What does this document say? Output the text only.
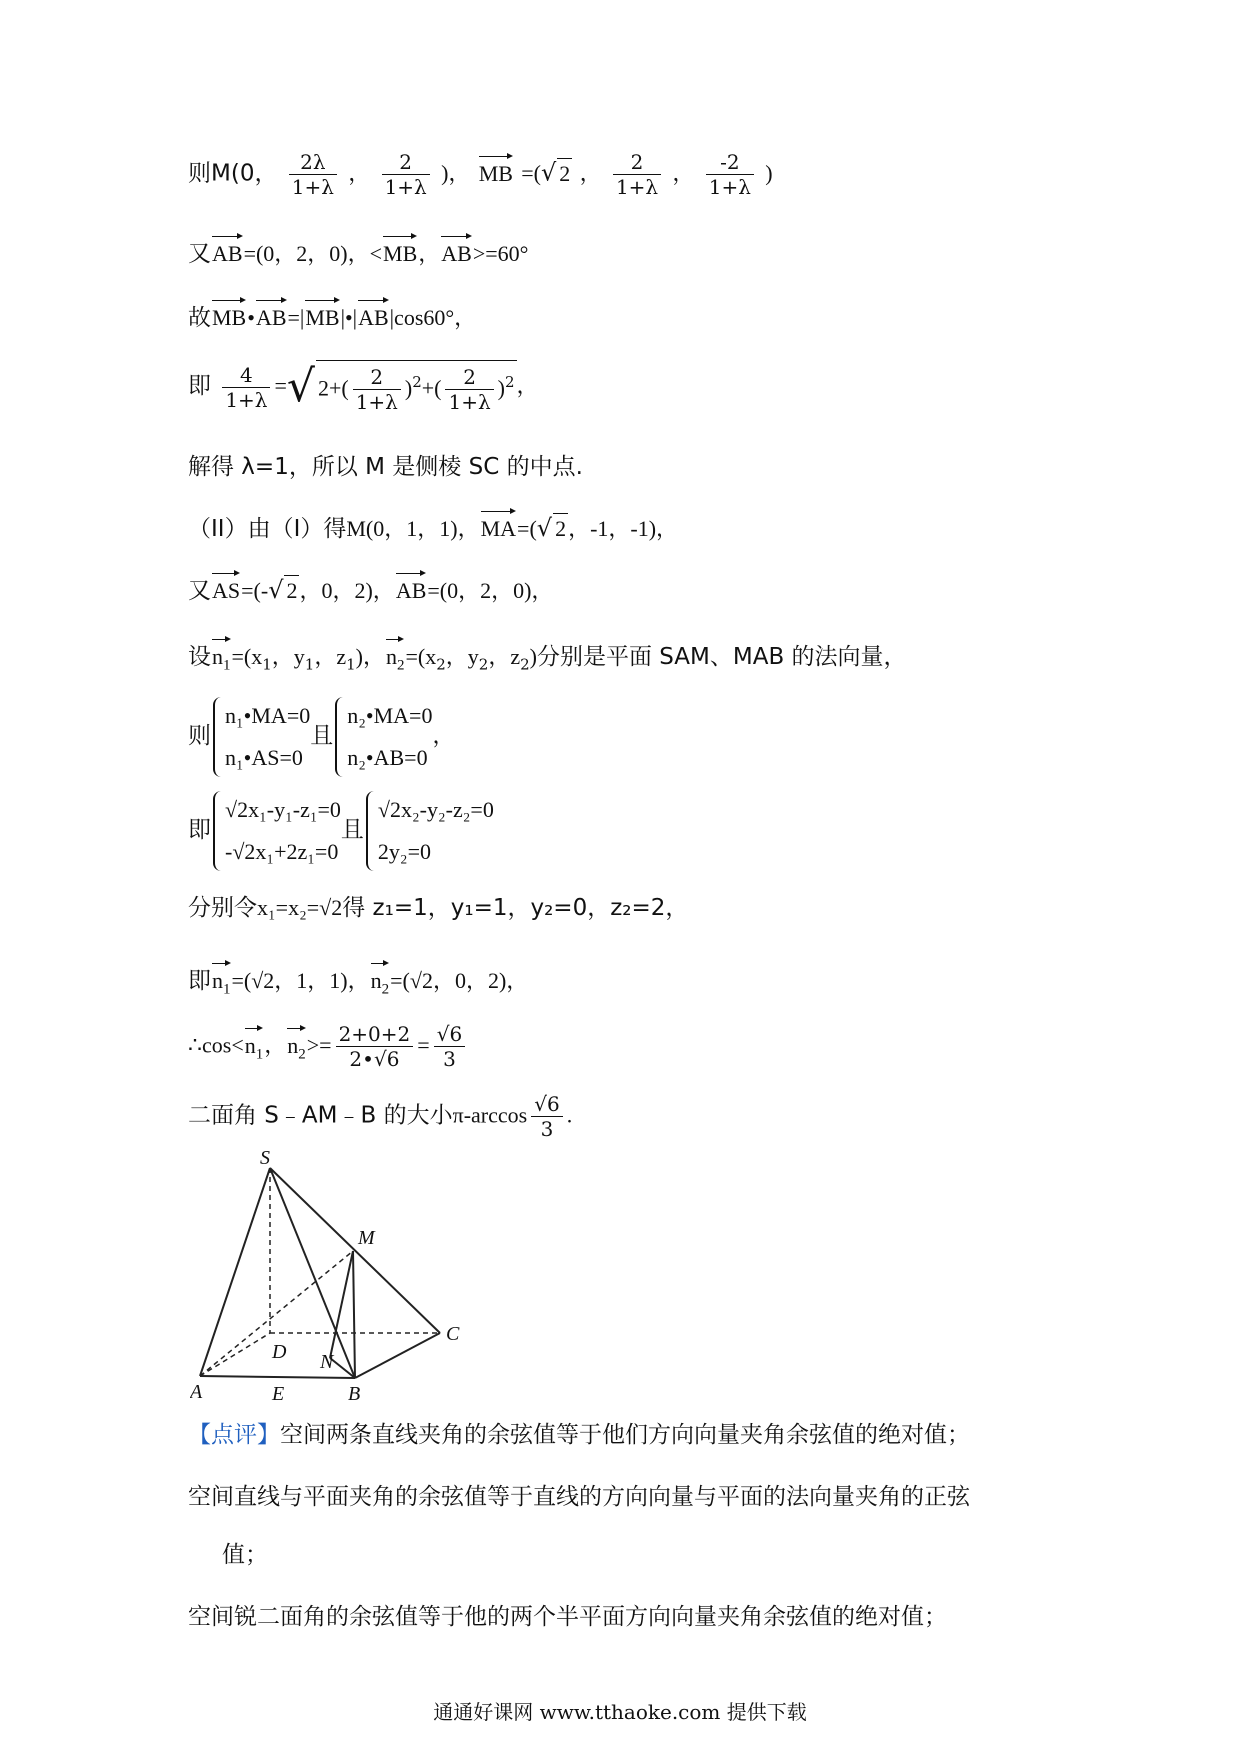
则M(0， $\frac{2\lambda}{1+\lambda}$ ， $\frac{2}{1+\lambda}$ )， MB =(√ 2 ， $\frac{2}{1+\lambda}$ ， $\frac{-2}{1+\lambda}$ )
又AB=(0，2，0)，<MB，AB>=60°
故MB•AB=|MB|•|AB|cos60°，
即 $\frac{4}{1+\lambda}$ =√ $2+( \frac{2}{1+\lambda} )^2+( \frac{2}{1+\lambda} )^2$，
解得 λ=1，所以 M 是侧棱 SC 的中点.
（II）由（I）得M(0，1，1)，MA=(√ 2，-1，-1)，
又AS=(-√ 2，0，2)，AB=(0，2，0)，
设$n_1=(x_1$，$y_1$，$z_1$)，$n_2=(x_2$，$y_2$，$z_2$)分别是平面 SAM、MAB 的法向量，
则
n₁•MA=0
n₁•AS=0
且
n₂•MA=0
n₂•AB=0
，
即
√2x₁-y₁-z₁=0
-√2x₁+2z₁=0
且
√2x₂-y₂-z₂=0
2y₂=0
分别令x₁=x₂=√2得 z₁=1，y₁=1，y₂=0，z₂=2，
即$n_1=(√2$，1，1)，$n_2=(√2$，0，2)，
$\therefore\cos<n_1$，$n_2>= \frac{2+0+2}{2•√6} = \frac{√6}{3}$
二面角 S﹣AM﹣B 的大小$\pi-\arccos \frac{√6}{3}$ .
S
M
C
D N
A	E	B
【点评】空间两条直线夹角的余弦值等于他们方向向量夹角余弦值的绝对值；
空间直线与平面夹角的余弦值等于直线的方向向量与平面的法向量夹角的正弦
值；
空间锐二面角的余弦值等于他的两个半平面方向向量夹角余弦值的绝对值；
通通好课网 www.tthaoke.com 提供下载
